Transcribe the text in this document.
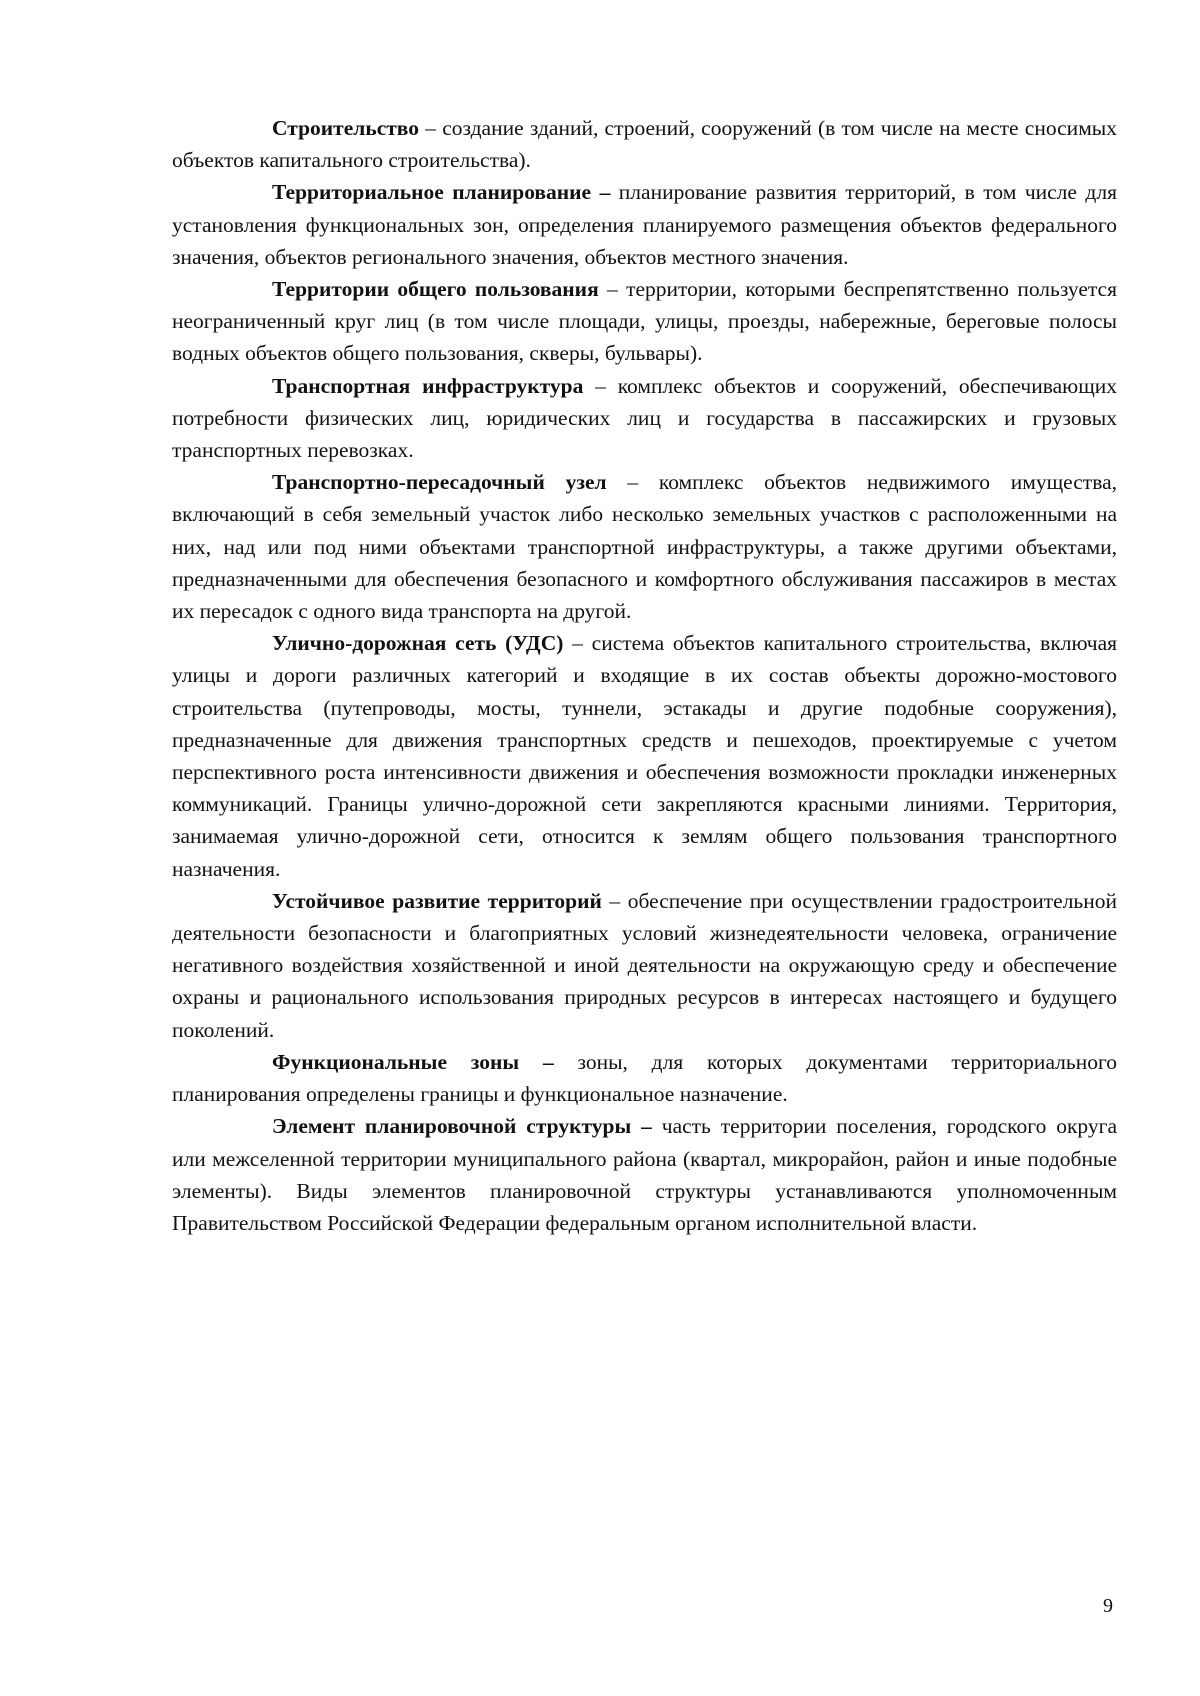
Строительство – создание зданий, строений, сооружений (в том числе на месте сносимых объектов капитального строительства).

Территориальное планирование – планирование развития территорий, в том числе для установления функциональных зон, определения планируемого размещения объектов федерального значения, объектов регионального значения, объектов местного значения.

Территории общего пользования – территории, которыми беспрепятственно пользуется неограниченный круг лиц (в том числе площади, улицы, проезды, набережные, береговые полосы водных объектов общего пользования, скверы, бульвары).

Транспортная инфраструктура – комплекс объектов и сооружений, обеспечивающих потребности физических лиц, юридических лиц и государства в пассажирских и грузовых транспортных перевозках.

Транспортно-пересадочный узел – комплекс объектов недвижимого имущества, включающий в себя земельный участок либо несколько земельных участков с расположенными на них, над или под ними объектами транспортной инфраструктуры, а также другими объектами, предназначенными для обеспечения безопасного и комфортного обслуживания пассажиров в местах их пересадок с одного вида транспорта на другой.

Улично-дорожная сеть (УДС) – система объектов капитального строительства, включая улицы и дороги различных категорий и входящие в их состав объекты дорожно-мостового строительства (путепроводы, мосты, туннели, эстакады и другие подобные сооружения), предназначенные для движения транспортных средств и пешеходов, проектируемые с учетом перспективного роста интенсивности движения и обеспечения возможности прокладки инженерных коммуникаций. Границы улично-дорожной сети закрепляются красными линиями. Территория, занимаемая улично-дорожной сети, относится к землям общего пользования транспортного назначения.

Устойчивое развитие территорий – обеспечение при осуществлении градостроительной деятельности безопасности и благоприятных условий жизнедеятельности человека, ограничение негативного воздействия хозяйственной и иной деятельности на окружающую среду и обеспечение охраны и рационального использования природных ресурсов в интересах настоящего и будущего поколений.

Функциональные зоны – зоны, для которых документами территориального планирования определены границы и функциональное назначение.

Элемент планировочной структуры – часть территории поселения, городского округа или межселенной территории муниципального района (квартал, микрорайон, район и иные подобные элементы). Виды элементов планировочной структуры устанавливаются уполномоченным Правительством Российской Федерации федеральным органом исполнительной власти.

9
